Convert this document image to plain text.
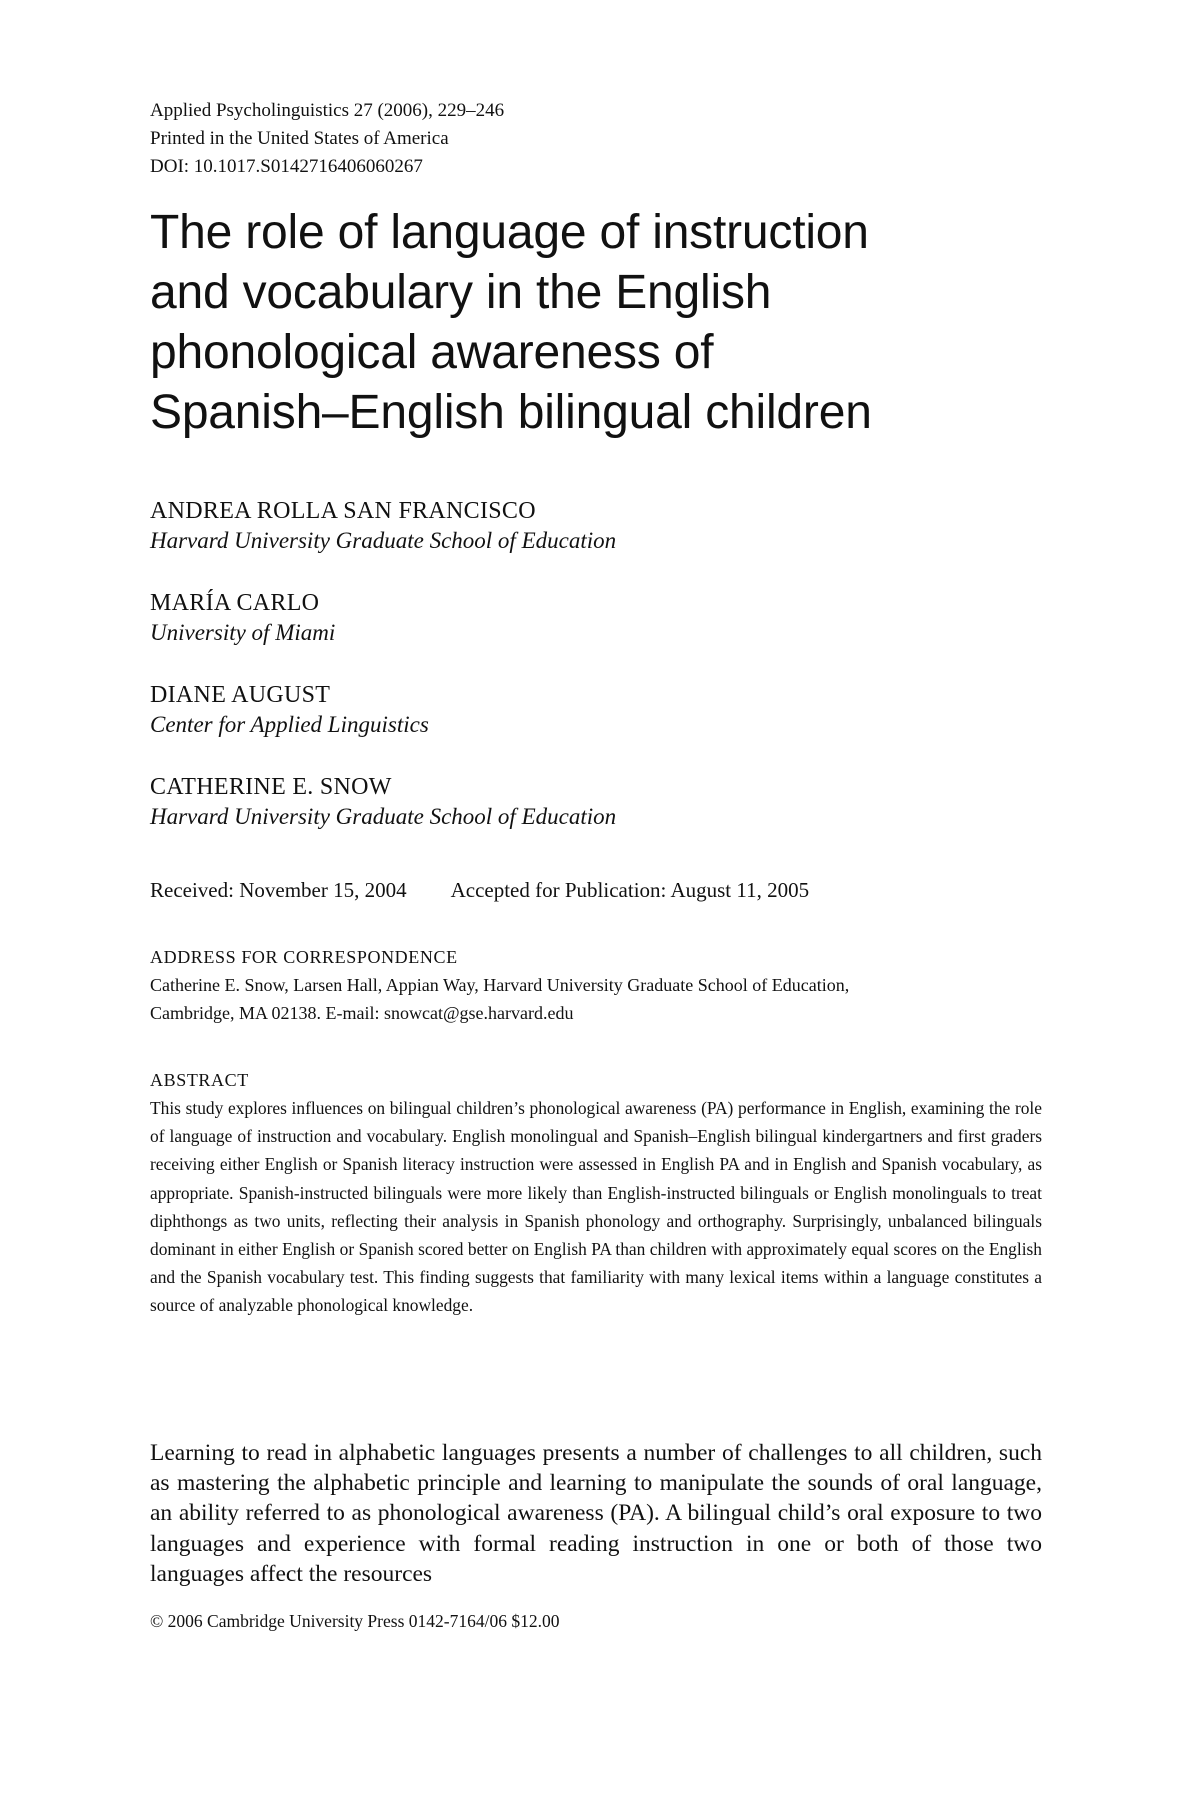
Applied Psycholinguistics 27 (2006), 229–246
Printed in the United States of America
DOI: 10.1017.S0142716406060267
The role of language of instruction
and vocabulary in the English
phonological awareness of
Spanish–English bilingual children
ANDREA ROLLA SAN FRANCISCO
Harvard University Graduate School of Education
MARÍA CARLO
University of Miami
DIANE AUGUST
Center for Applied Linguistics
CATHERINE E. SNOW
Harvard University Graduate School of Education
Received: November 15, 2004 Accepted for Publication: August 11, 2005
ADDRESS FOR CORRESPONDENCE
Catherine E. Snow, Larsen Hall, Appian Way, Harvard University Graduate School of Education,
Cambridge, MA 02138. E-mail: snowcat@gse.harvard.edu
ABSTRACT

This study explores influences on bilingual children’s phonological awareness (PA) performance in English, examining the role of language of instruction and vocabulary. English monolingual and Spanish–English bilingual kindergartners and first graders receiving either English or Spanish literacy instruction were assessed in English PA and in English and Spanish vocabulary, as appropriate. Spanish-instructed bilinguals were more likely than English-instructed bilinguals or English monolinguals to treat diphthongs as two units, reflecting their analysis in Spanish phonology and orthography. Surprisingly, unbalanced bilinguals dominant in either English or Spanish scored better on English PA than children with approximately equal scores on the English and the Spanish vocabulary test. This finding suggests that familiarity with many lexical items within a language constitutes a source of analyzable phonological knowledge.

Learning to read in alphabetic languages presents a number of challenges to all children, such as mastering the alphabetic principle and learning to manipulate the sounds of oral language, an ability referred to as phonological awareness (PA). A bilingual child’s oral exposure to two languages and experience with formal reading instruction in one or both of those two languages affect the resources

© 2006 Cambridge University Press 0142-7164/06 $12.00
